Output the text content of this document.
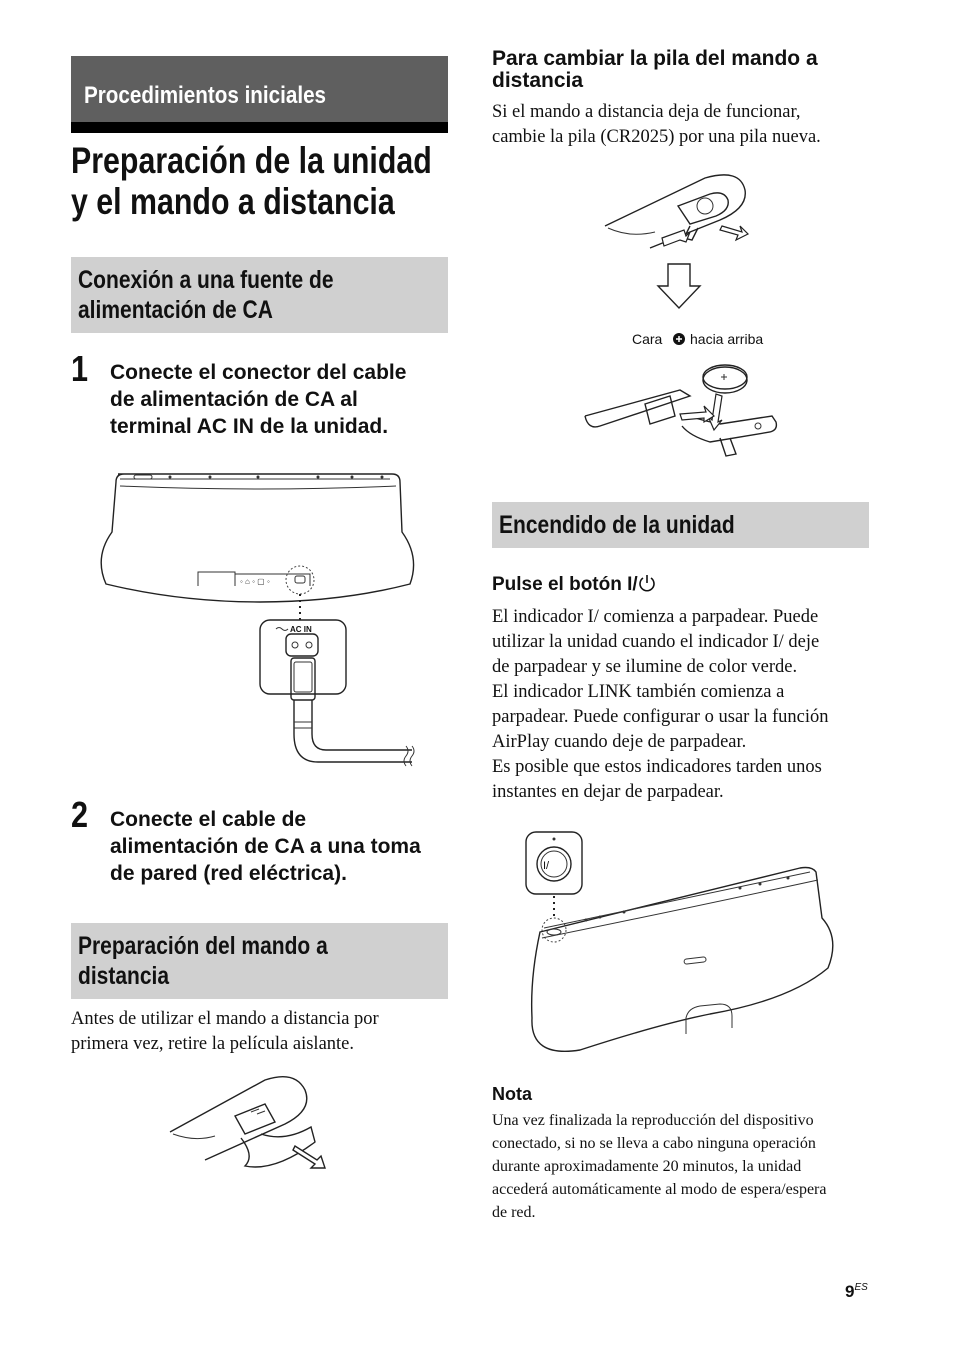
Procedimientos iniciales
Preparación de la unidad
y el mando a distancia
Conexión a una fuente de
alimentación de CA
1 Conecte el conector del cable
de alimentación de CA al
terminal AC IN de la unidad.
◦ ⌂ ◦ ▢ ◦
AC IN
2 Conecte el cable de
alimentación de CA a una toma
de pared (red eléctrica).
Preparación del mando a
distancia
Antes de utilizar el mando a distancia por
primera vez, retire la película aislante.
Para cambiar la pila del mando a
distancia
Si el mando a distancia deja de funcionar,
cambie la pila (CR2025) por una pila nueva.
Cara hacia arriba
Encendido de la unidad
Pulse el botón I/
El indicador I/ comienza a parpadear. Puede
utilizar la unidad cuando el indicador I/ deje
de parpadear y se ilumine de color verde.
El indicador LINK también comienza a
parpadear. Puede configurar o usar la función
AirPlay cuando deje de parpadear.
Es posible que estos indicadores tarden unos
instantes en dejar de parpadear.
I/
Nota
Una vez finalizada la reproducción del dispositivo
conectado, si no se lleva a cabo ninguna operación
durante aproximadamente 20 minutos, la unidad
accederá automáticamente al modo de espera/espera
de red.
$9^{ES}$
